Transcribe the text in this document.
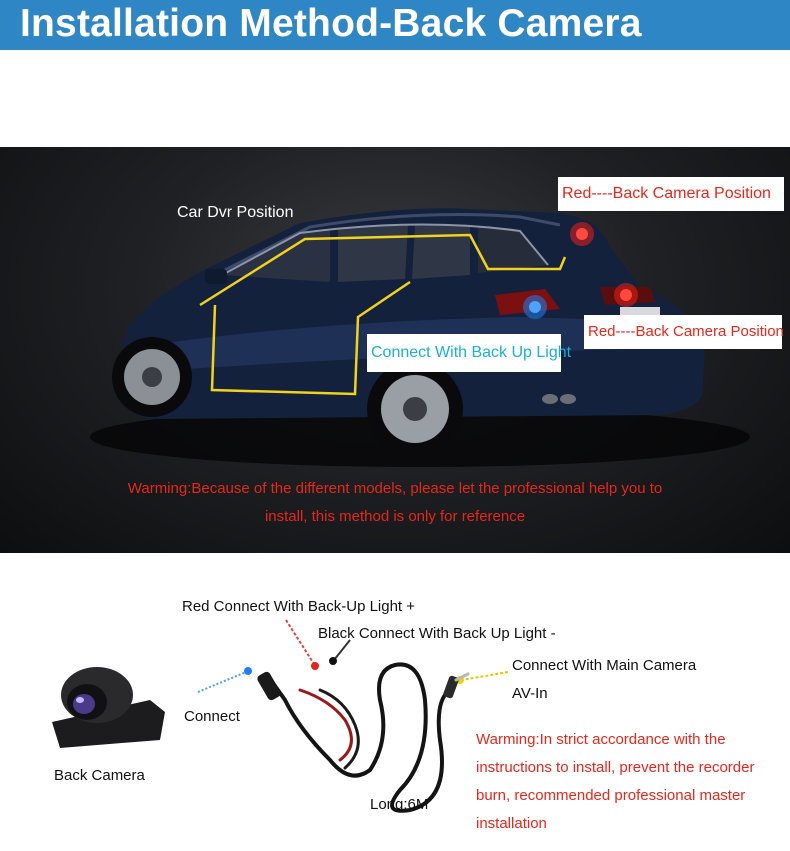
Installation Method-Back Camera
Car Dvr Position
Red----Back Camera Position
Red----Back Camera Position
Connect With Back Up Light
Warming:Because of the different models, please let the professional help you to
install, this method is only for reference
Red Connect With Back-Up Light +
Black Connect With Back Up Light -
Connect With Main Camera
AV-In
Connect
Back Camera
Long:6M
Warming:In strict accordance with the
instructions to install, prevent the recorder
burn, recommended professional master
installation
